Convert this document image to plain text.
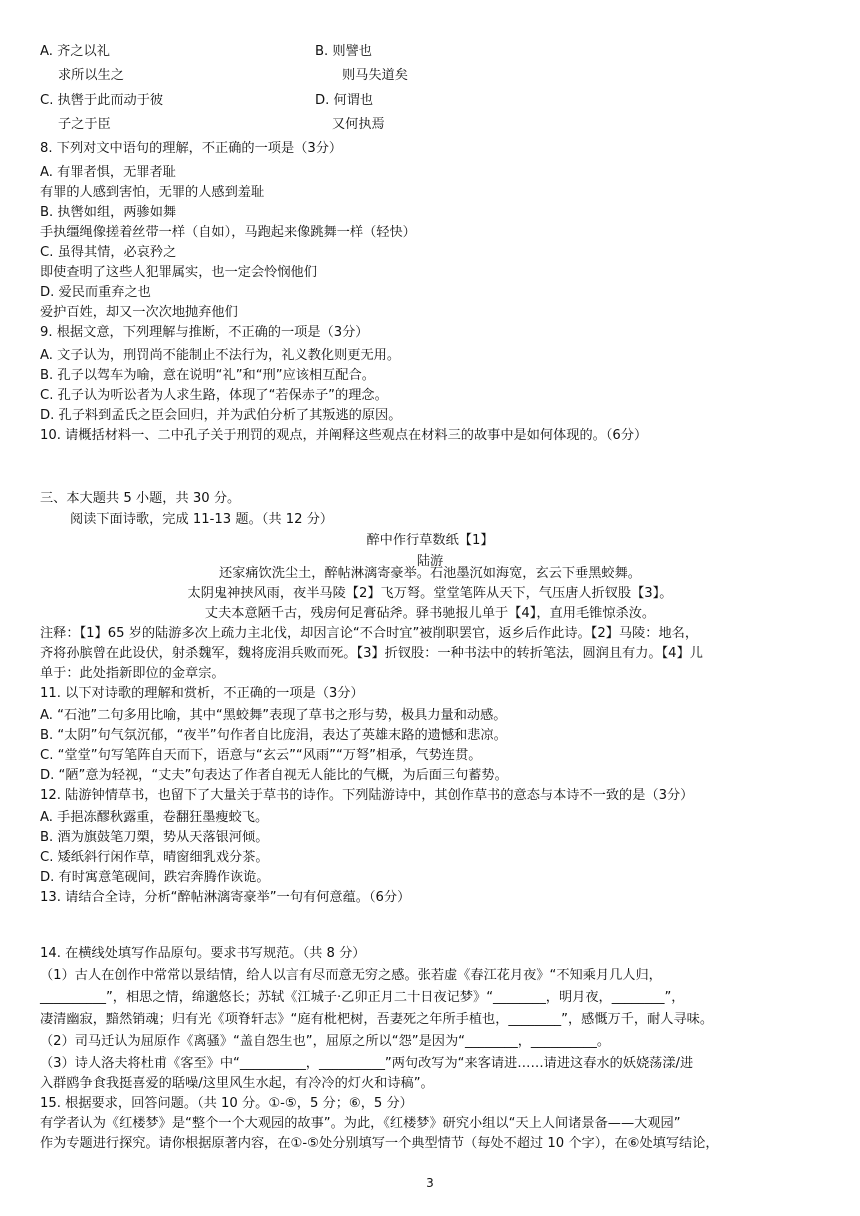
A. 齐之以礼	B. 则譬也
求所以生之	则马失道矣
C. 执辔于此而动于彼	D. 何谓也
子之于臣	又何执焉
8. 下列对文中语句的理解，不正确的一项是（3分）
A. 有罪者惧，无罪者耻
有罪的人感到害怕，无罪的人感到羞耻
B. 执辔如组，两骖如舞
手执缰绳像搓着丝带一样（自如），马跑起来像跳舞一样（轻快）
C. 虽得其情，必哀矜之
即使查明了这些人犯罪属实，也一定会怜悯他们
D. 爱民而重弃之也
爱护百姓，却又一次次地抛弃他们
9. 根据文意，下列理解与推断，不正确的一项是（3分）
A. 文子认为，刑罚尚不能制止不法行为，礼义教化则更无用。
B. 孔子以驾车为喻，意在说明“礼”和“刑”应该相互配合。
C. 孔子认为听讼者为人求生路，体现了“若保赤子”的理念。
D. 孔子料到孟氏之臣会回归，并为武伯分析了其叛逃的原因。
10. 请概括材料一、二中孔子关于刑罚的观点，并阐释这些观点在材料三的故事中是如何体现的。（6分）
三、本大题共 5 小题，共 30 分。
阅读下面诗歌，完成 11-13 题。（共 12 分）
醉中作行草数纸【1】
陆游
还家痛饮洗尘土，醉帖淋漓寄豪举。石池墨沉如海宽，玄云下垂黑蛟舞。
太阴鬼神挟风雨，夜半马陵【2】飞万弩。堂堂笔阵从天下，气压唐人折钗股【3】。
丈夫本意陋千古，残房何足膏砧斧。驿书驰报儿单于【4】，直用毛锥惊杀汝。
注释：【1】65 岁的陆游多次上疏力主北伐，却因言论“不合时宜”被削职罢官，返乡后作此诗。【2】马陵：地名，
齐将孙膑曾在此设伏，射杀魏军，魏将庞涓兵败而死。【3】折钗股：一种书法中的转折笔法，圆润且有力。【4】儿
单于：此处指新即位的金章宗。
11. 以下对诗歌的理解和赏析，不正确的一项是（3分）
A. “石池”二句多用比喻，其中“黑蛟舞”表现了草书之形与势，极具力量和动感。
B. “太阴”句气氛沉郁，“夜半”句作者自比庞涓，表达了英雄末路的遗憾和悲凉。
C. “堂堂”句写笔阵自天而下，语意与“玄云”“风雨”“万弩”相承，气势连贯。
D. “陋”意为轻视，“丈夫”句表达了作者自视无人能比的气概，为后面三句蓄势。
12. 陆游钟情草书，也留下了大量关于草书的诗作。下列陆游诗中，其创作草书的意态与本诗不一致的是（3分）
A. 手挹冻醪秋露重，卷翻狂墨瘦蛟飞。
B. 酒为旗鼓笔刀槊，势从天落银河倾。
C. 矮纸斜行闲作草，晴窗细乳戏分茶。
D. 有时寓意笔砚间，跌宕奔腾作诙诡。
13. 请结合全诗，分析“醉帖淋漓寄豪举”一句有何意蕴。（6分）
14. 在横线处填写作品原句。要求书写规范。（共 8 分）
（1）古人在创作中常常以景结情，给人以言有尽而意无穷之感。张若虚《春江花月夜》“不知乘月几人归，
__________”，相思之情，绵邈悠长；苏轼《江城子·乙卯正月二十日夜记梦》“________，明月夜，________”，
凄清幽寂，黯然销魂；归有光《项脊轩志》“庭有枇杷树，吾妻死之年所手植也，________”，感慨万千，耐人寻味。
（2）司马迁认为屈原作《离骚》“盖自怨生也”，屈原之所以“怨”是因为“________，__________。
（3）诗人洛夫将杜甫《客至》中“__________，__________”两句改写为“来客请进……请进这春水的妖娆荡漾/进
入群鸥争食我挺喜爱的聒噪/这里风生水起，有冷冷的灯火和诗稿”。
15. 根据要求，回答问题。（共 10 分。①-⑤，5 分；⑥，5 分）
有学者认为《红楼梦》是“整个一个大观园的故事”。为此，《红楼梦》研究小组以“天上人间诸景备——大观园”
作为专题进行探究。请你根据原著内容，在①-⑤处分别填写一个典型情节（每处不超过 10 个字），在⑥处填写结论，
3
